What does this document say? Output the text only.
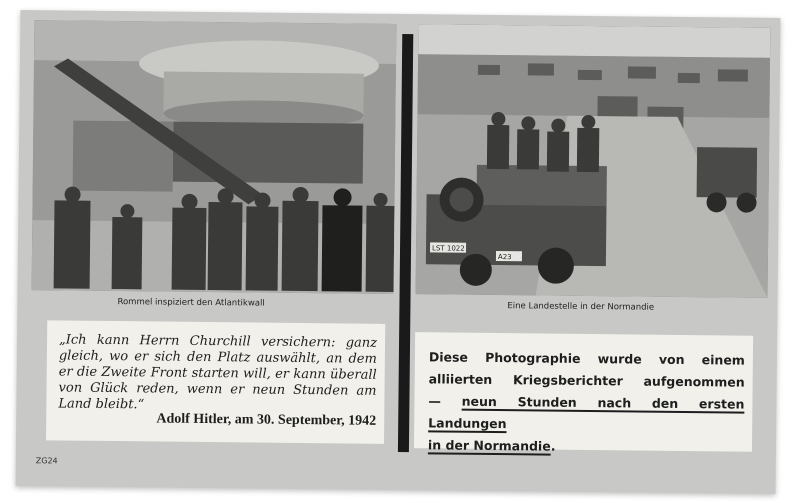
LST 1022
A23
Rommel inspiziert den Atlantikwall	Eine Landestelle in der Normandie
„Ich kann Herrn Churchill versichern: ganz gleich, wo er sich den Platz auswählt, an dem er die Zweite Front starten will, er kann überall von Glück reden, wenn er neun Stunden am Land bleibt.“
Adolf Hitler, am 30. September, 1942
Diese Photographie wurde von einem
alliierten Kriegsberichter aufgenommen
— neun Stunden nach den ersten Landungen
in der Normandie.
ZG24
